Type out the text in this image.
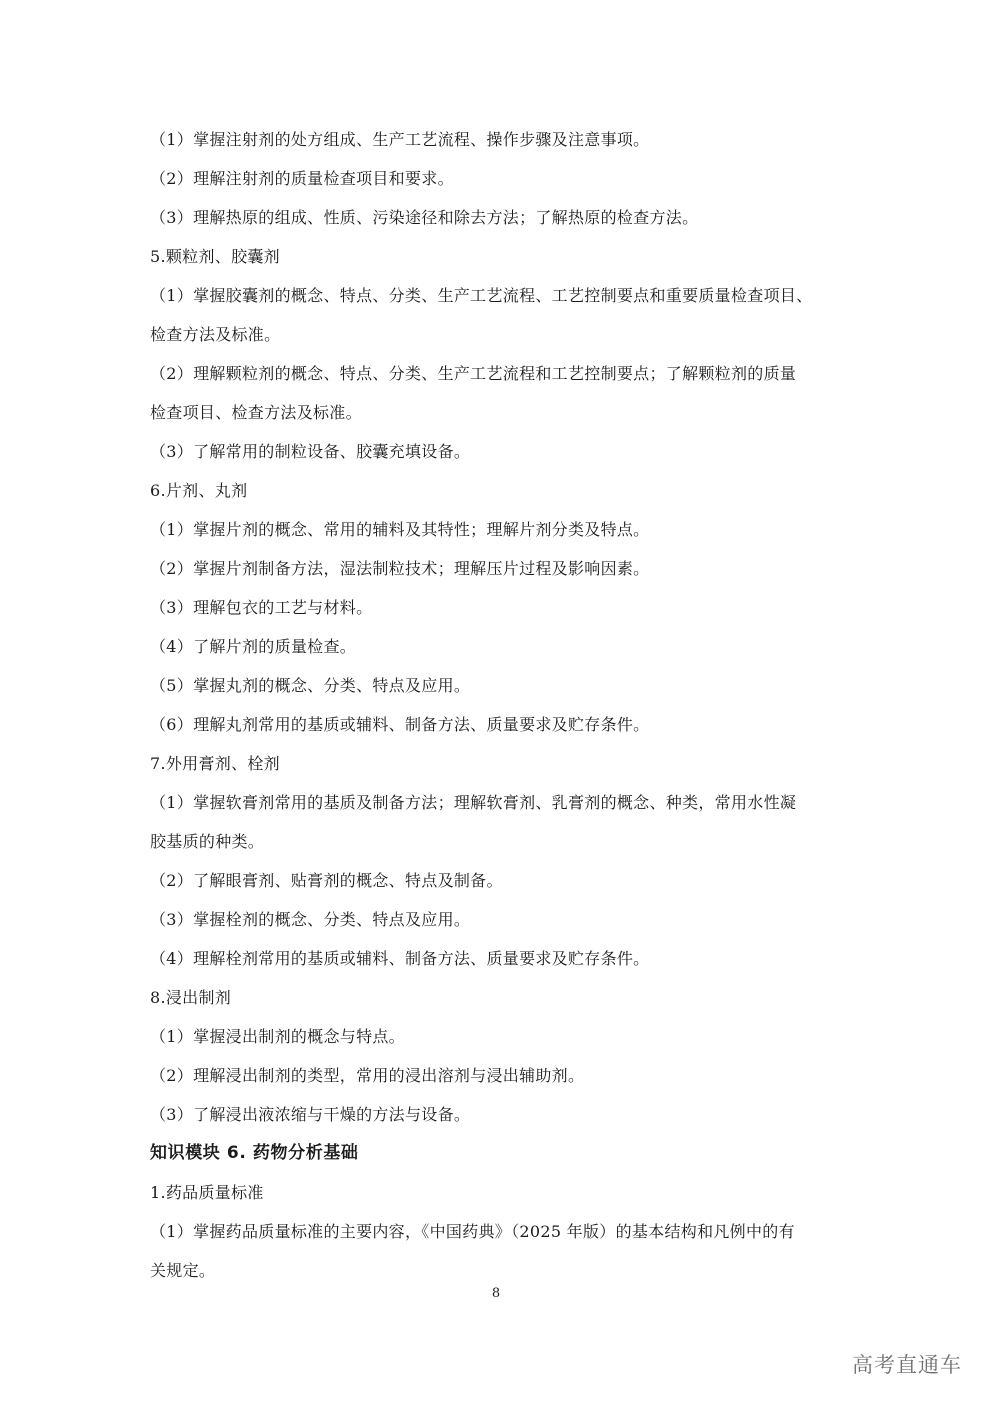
（1）掌握注射剂的处方组成、生产工艺流程、操作步骤及注意事项。
（2）理解注射剂的质量检查项目和要求。
（3）理解热原的组成、性质、污染途径和除去方法；了解热原的检查方法。
5.颗粒剂、胶囊剂
（1）掌握胶囊剂的概念、特点、分类、生产工艺流程、工艺控制要点和重要质量检查项目、
检查方法及标准。
（2）理解颗粒剂的概念、特点、分类、生产工艺流程和工艺控制要点；了解颗粒剂的质量
检查项目、检查方法及标准。
（3）了解常用的制粒设备、胶囊充填设备。
6.片剂、丸剂
（1）掌握片剂的概念、常用的辅料及其特性；理解片剂分类及特点。
（2）掌握片剂制备方法，湿法制粒技术；理解压片过程及影响因素。
（3）理解包衣的工艺与材料。
（4）了解片剂的质量检查。
（5）掌握丸剂的概念、分类、特点及应用。
（6）理解丸剂常用的基质或辅料、制备方法、质量要求及贮存条件。
7.外用膏剂、栓剂
（1）掌握软膏剂常用的基质及制备方法；理解软膏剂、乳膏剂的概念、种类，常用水性凝
胶基质的种类。
（2）了解眼膏剂、贴膏剂的概念、特点及制备。
（3）掌握栓剂的概念、分类、特点及应用。
（4）理解栓剂常用的基质或辅料、制备方法、质量要求及贮存条件。
8.浸出制剂
（1）掌握浸出制剂的概念与特点。
（2）理解浸出制剂的类型，常用的浸出溶剂与浸出辅助剂。
（3）了解浸出液浓缩与干燥的方法与设备。
知识模块 6. 药物分析基础
1.药品质量标准
（1）掌握药品质量标准的主要内容，《中国药典》（2025 年版）的基本结构和凡例中的有
关规定。
8
高考直通车
